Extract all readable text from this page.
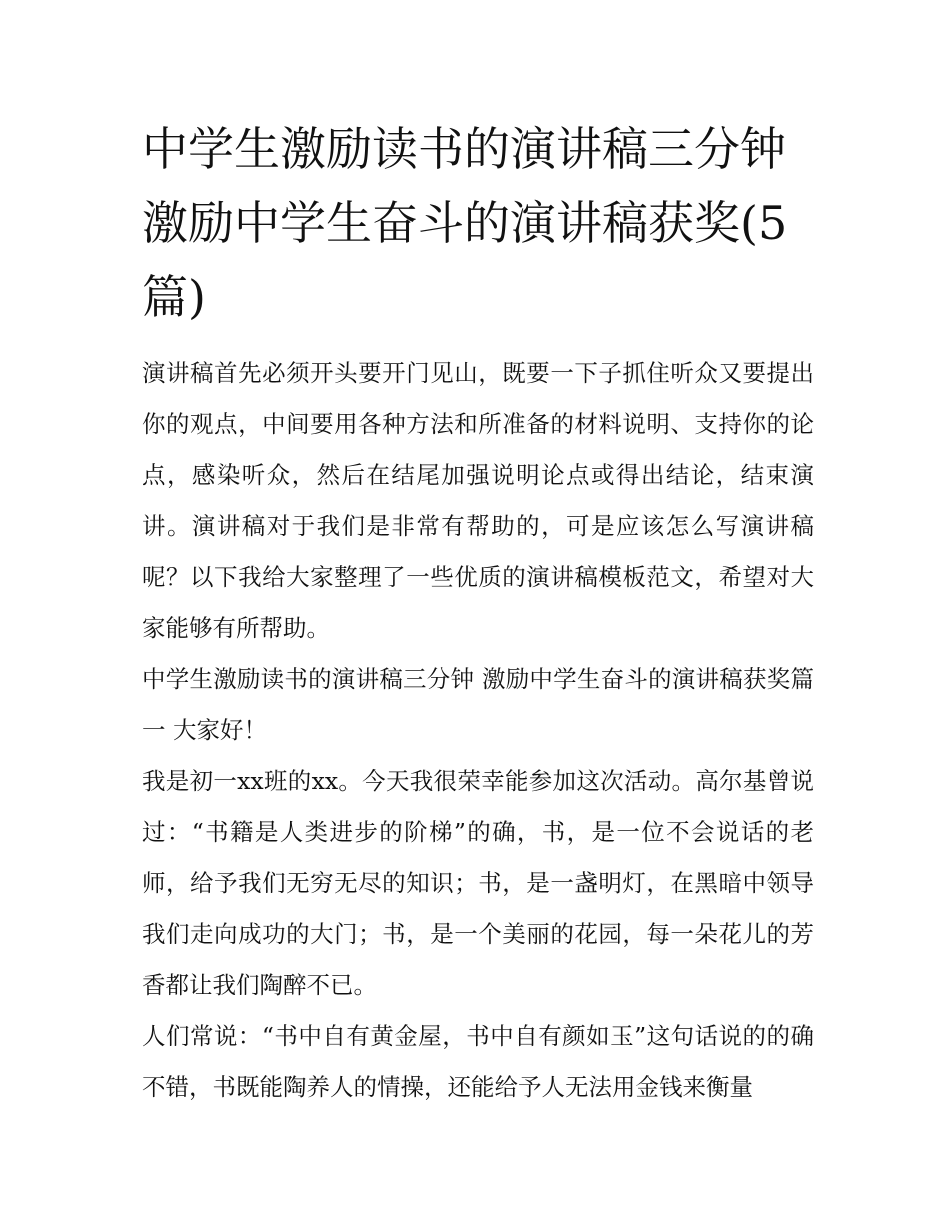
中学生激励读书的演讲稿三分钟 激励中学生奋斗的演讲稿获奖(5篇)

演讲稿首先必须开头要开门见山，既要一下子抓住听众又要提出你的观点，中间要用各种方法和所准备的材料说明、支持你的论点，感染听众，然后在结尾加强说明论点或得出结论，结束演讲。演讲稿对于我们是非常有帮助的，可是应该怎么写演讲稿呢？以下我给大家整理了一些优质的演讲稿模板范文，希望对大家能够有所帮助。

中学生激励读书的演讲稿三分钟 激励中学生奋斗的演讲稿获奖篇一 大家好！

我是初一xx班的xx。今天我很荣幸能参加这次活动。高尔基曾说过：“书籍是人类进步的阶梯”的确，书，是一位不会说话的老师，给予我们无穷无尽的知识；书，是一盏明灯，在黑暗中领导我们走向成功的大门；书，是一个美丽的花园，每一朵花儿的芳香都让我们陶醉不已。

人们常说：“书中自有黄金屋，书中自有颜如玉”这句话说的的确不错，书既能陶养人的情操，还能给予人无法用金钱来衡量
